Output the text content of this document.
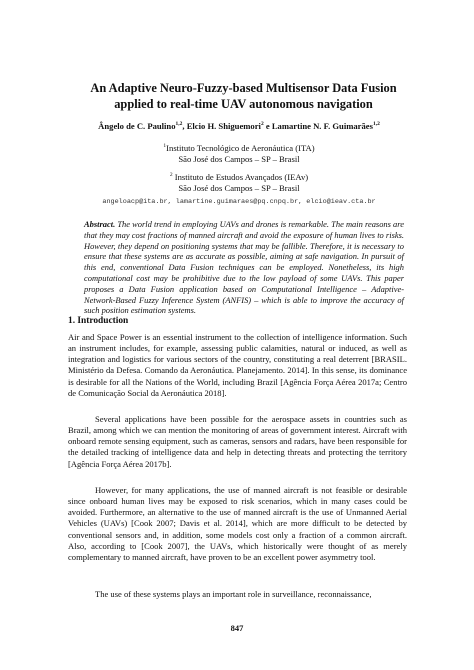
An Adaptive Neuro-Fuzzy-based Multisensor Data Fusion
applied to real-time UAV autonomous navigation
Ângelo de C. Paulino$^{1,2}$, Elcio H. Shiguemori$^2$ e Lamartine N. F. Guimarães$^{1,2}$
$^1$Instituto Tecnológico de Aeronáutica (ITA)
São José dos Campos – SP – Brasil
$^2$ Instituto de Estudos Avançados (IEAv)
São José dos Campos – SP – Brasil
angeloacp@ita.br, lamartine.guimaraes@pq.cnpq.br, elcio@ieav.cta.br
Abstract. The world trend in employing UAVs and drones is remarkable. The main reasons are that they may cost fractions of manned aircraft and avoid the exposure of human lives to risks. However, they depend on positioning systems that may be fallible. Therefore, it is necessary to ensure that these systems are as accurate as possible, aiming at safe navigation. In pursuit of this end, conventional Data Fusion techniques can be employed. Nonetheless, its high computational cost may be prohibitive due to the low payload of some UAVs. This paper proposes a Data Fusion application based on Computational Intelligence – Adaptive-Network-Based Fuzzy Inference System (ANFIS) – which is able to improve the accuracy of such position estimation systems.
1. Introduction
Air and Space Power is an essential instrument to the collection of intelligence information. Such an instrument includes, for example, assessing public calamities, natural or induced, as well as integration and logistics for various sectors of the country, constituting a real deterrent [BRASIL. Ministério da Defesa. Comando da Aeronáutica. Planejamento. 2014]. In this sense, its dominance is desirable for all the Nations of the World, including Brazil [Agência Força Aérea 2017a; Centro de Comunicação Social da Aeronáutica 2018].
Several applications have been possible for the aerospace assets in countries such as Brazil, among which we can mention the monitoring of areas of government interest. Aircraft with onboard remote sensing equipment, such as cameras, sensors and radars, have been responsible for the detailed tracking of intelligence data and help in detecting threats and protecting the territory [Agência Força Aérea 2017b].
However, for many applications, the use of manned aircraft is not feasible or desirable since onboard human lives may be exposed to risk scenarios, which in many cases could be avoided. Furthermore, an alternative to the use of manned aircraft is the use of Unmanned Aerial Vehicles (UAVs) [Cook 2007; Davis et al. 2014], which are more difficult to be detected by conventional sensors and, in addition, some models cost only a fraction of a common aircraft. Also, according to [Cook 2007], the UAVs, which historically were thought of as merely complementary to manned aircraft, have proven to be an excellent power asymmetry tool.
The use of these systems plays an important role in surveillance, reconnaissance,
847
